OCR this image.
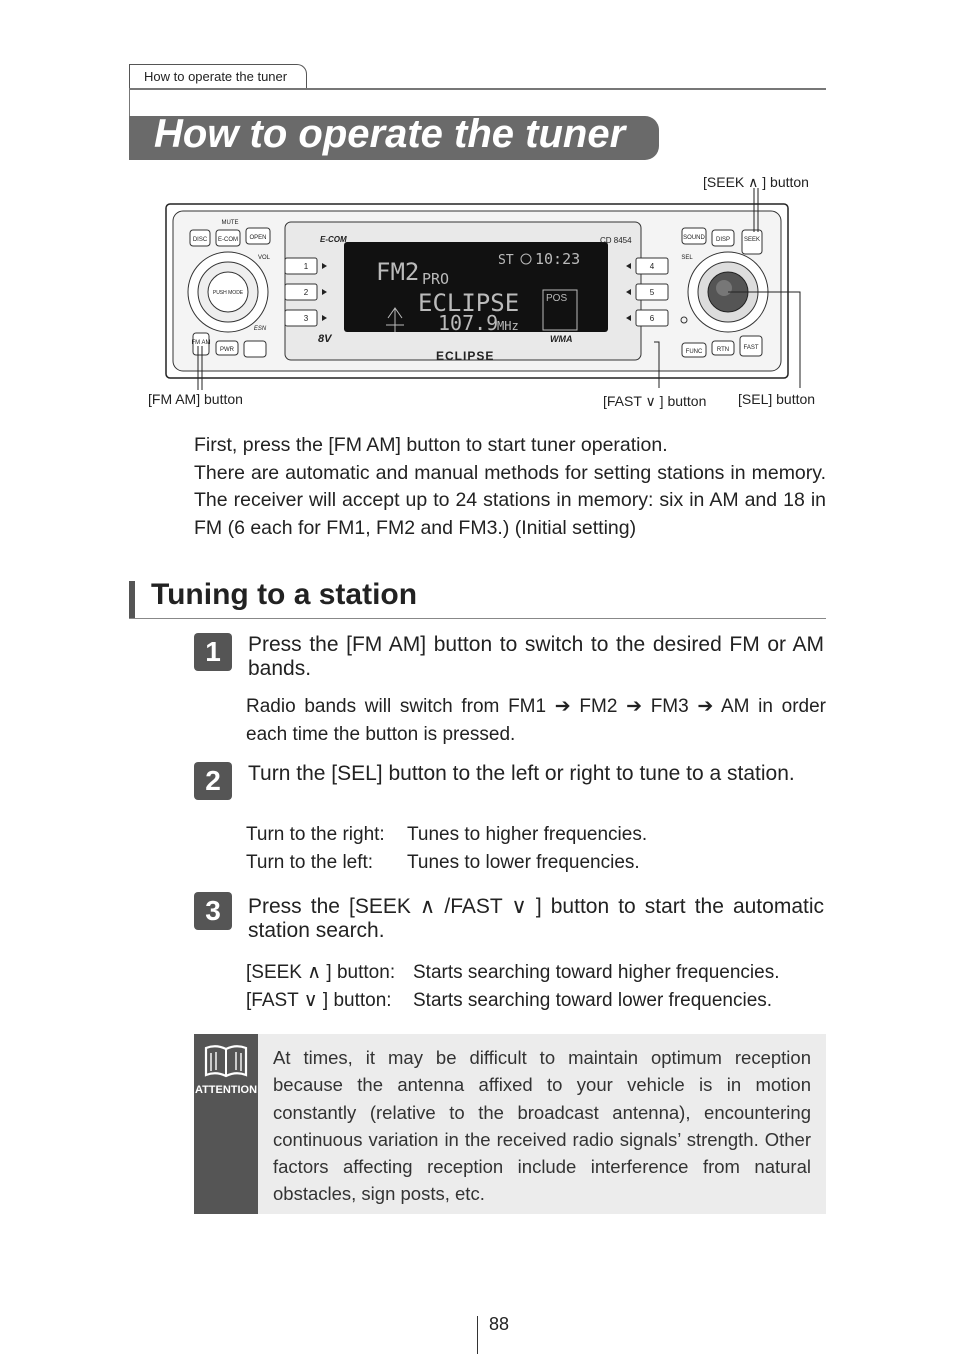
How to operate the tuner
How to operate the tuner
FM2 PRO
ST 10:23
ECLIPSE
107.9
MHz
POS
E-COM	CD 8454
ECLIPSE
WMA
8V
1
2
3
4
5
6
DISC E-COM OPEN
MUTE
VOL
ESN
FM AM
PWR
PUSH MODE
SOUND DISP SEEK
SEL
FUNC RTN FAST
[SEEK ∧ ] button
[FM AM] button	[FAST ∨ ] button [SEL] button

First, press the [FM AM] button to start tuner operation.

There are automatic and manual methods for setting stations in memory. The receiver will accept up to 24 stations in memory: six in AM and 18 in FM (6 each for FM1, FM2 and FM3.) (Initial setting)

Tuning to a station
1	Press the [FM AM] button to switch to the desired FM or AM bands.
Radio bands will switch from FM1 ➔ FM2 ➔ FM3 ➔ AM in order each time the button is pressed.
2	Turn the [SEL] button to the left or right to tune to a station.
Turn to the right:	Tunes to higher frequencies.
Turn to the left:	Tunes to lower frequencies.
3	Press the [SEEK ∧ /FAST ∨ ] button to start the automatic station search.
[SEEK ∧ ] button: Starts searching toward higher frequencies.
[FAST ∨ ] button:	Starts searching toward lower frequencies.
ATTENTION
At times, it may be difficult to maintain optimum reception because the antenna affixed to your vehicle is in motion constantly (relative to the broadcast antenna), encountering continuous variation in the received radio signals’ strength. Other factors affecting reception include interference from natural obstacles, sign posts, etc.
88
